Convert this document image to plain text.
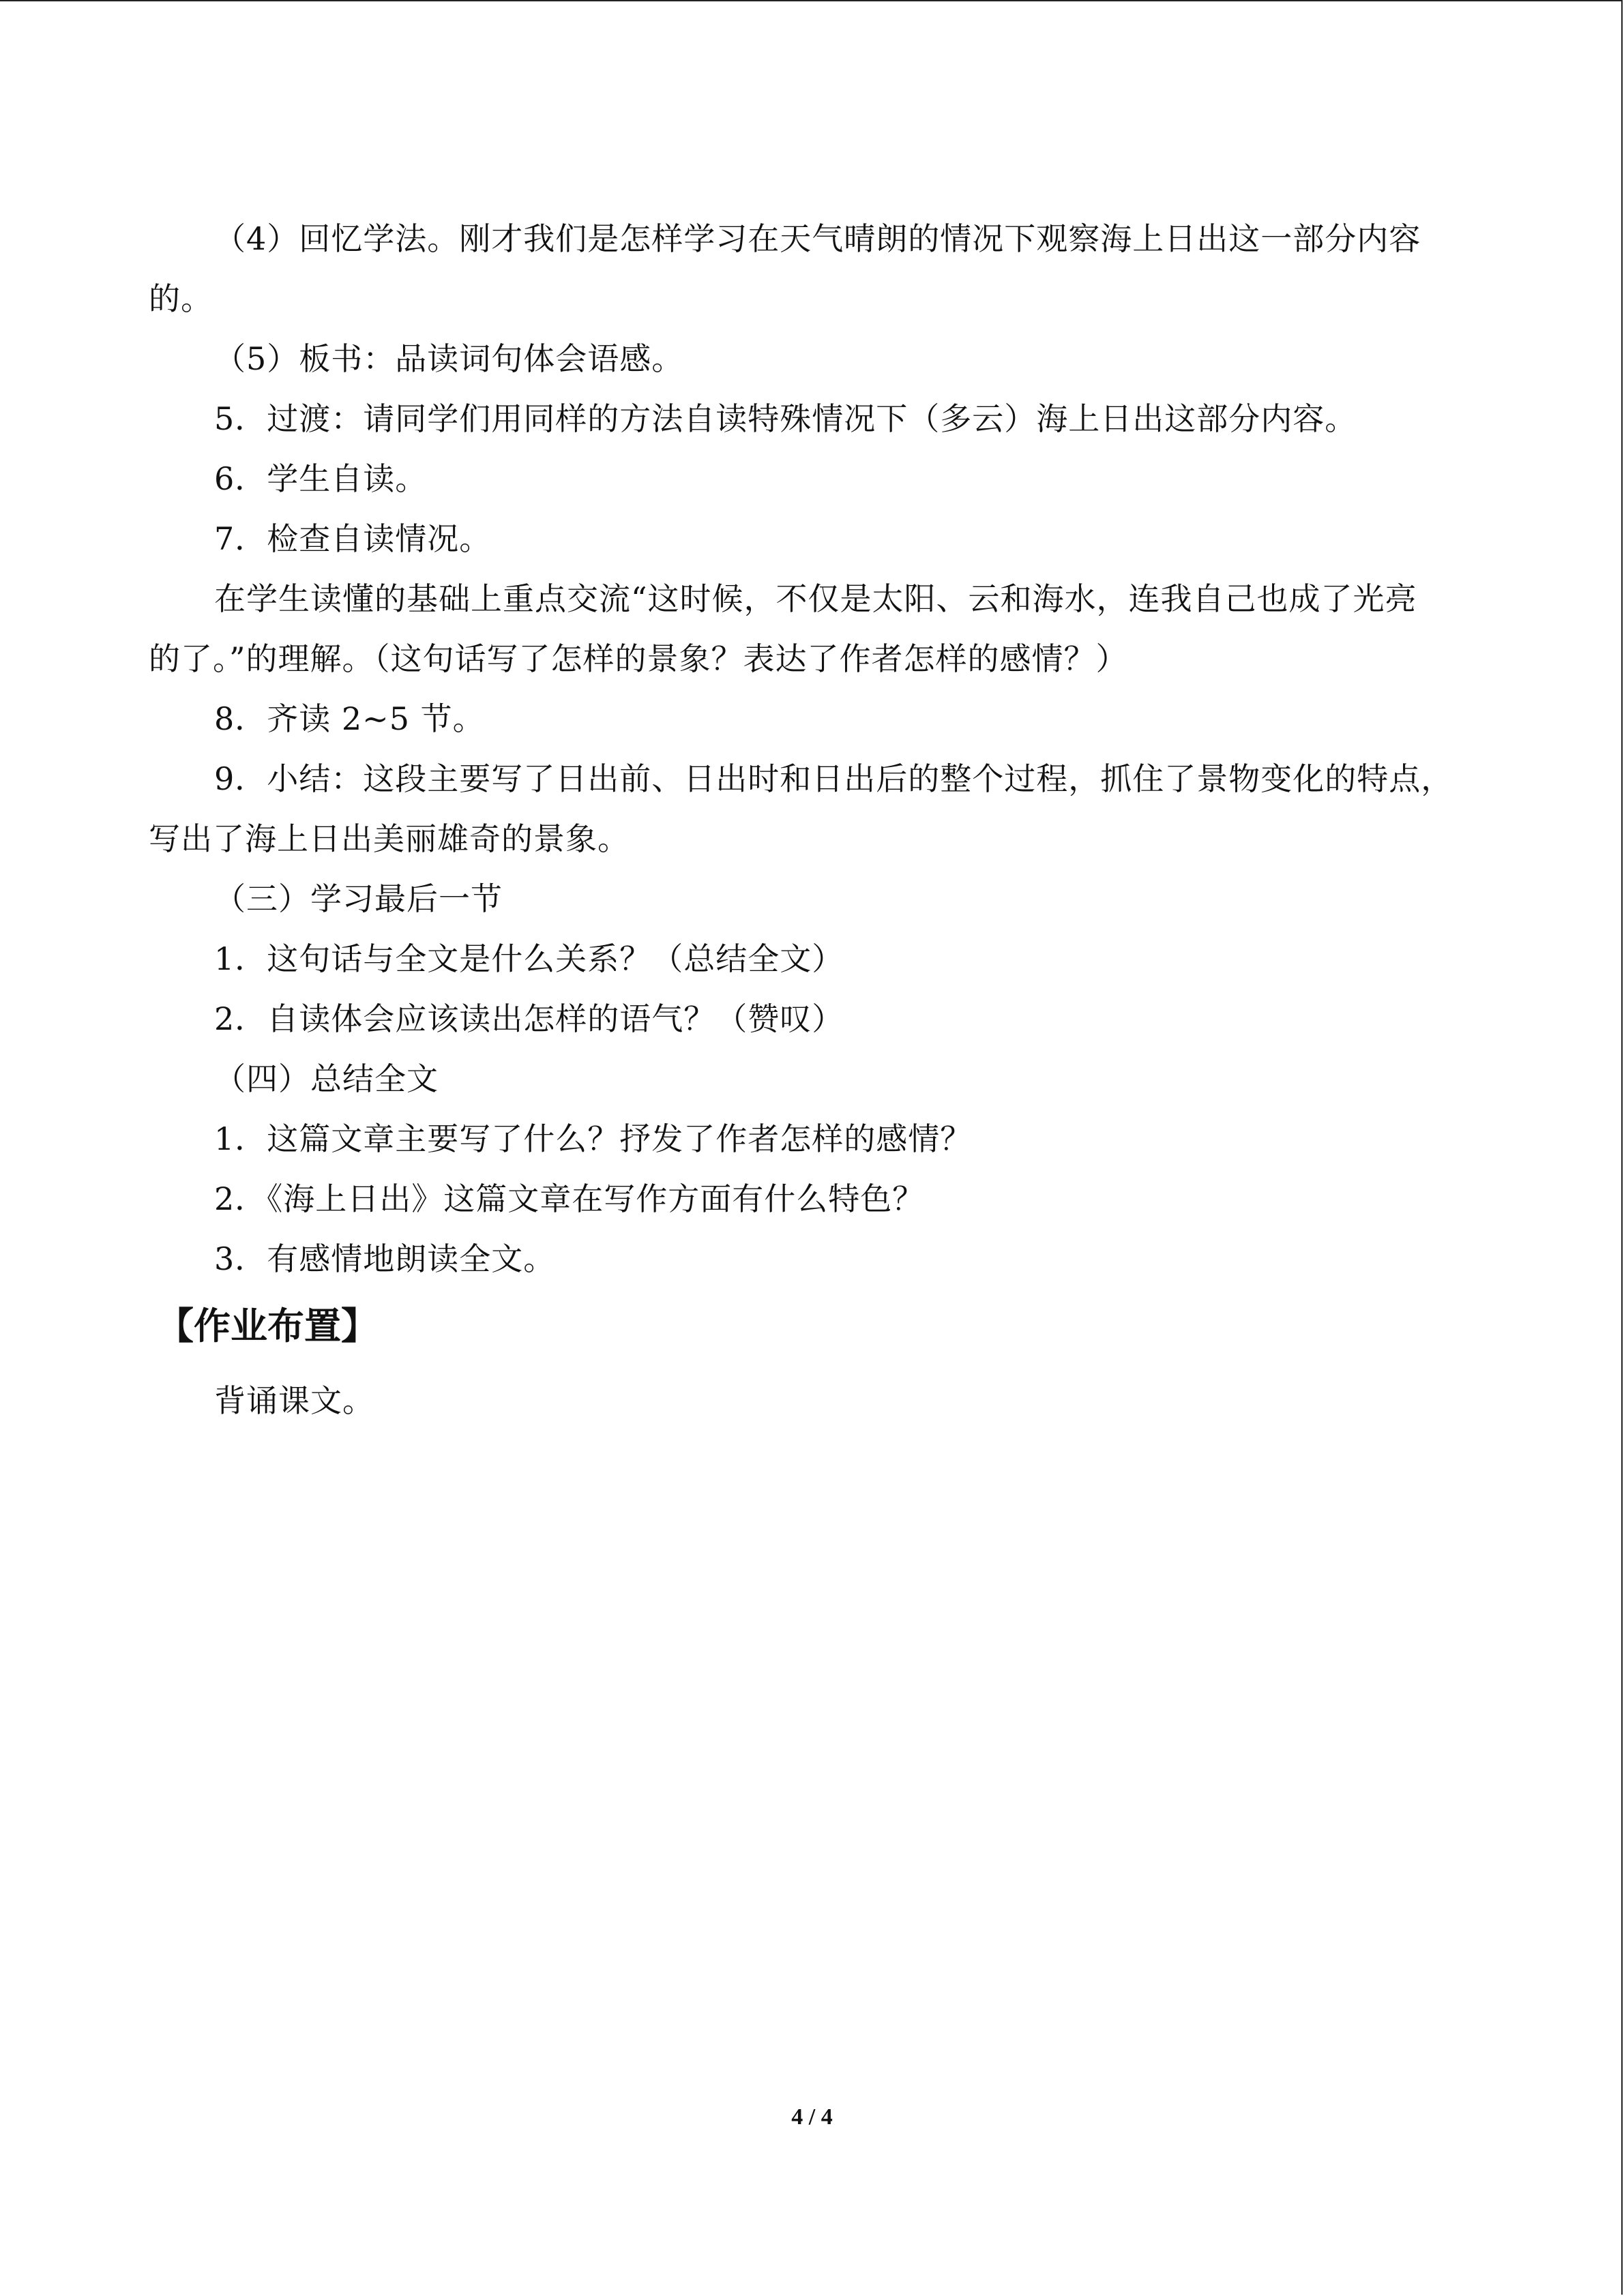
（4）回忆学法。刚才我们是怎样学习在天气晴朗的情况下观察海上日出这一部分内容

的。

（5）板书：品读词句体会语感。

5．过渡：请同学们用同样的方法自读特殊情况下（多云）海上日出这部分内容。

6．学生自读。

7．检查自读情况。

在学生读懂的基础上重点交流“这时候，不仅是太阳、云和海水，连我自己也成了光亮

的了。”的理解。（这句话写了怎样的景象？表达了作者怎样的感情？）

8．齐读 2~5 节。

9．小结：这段主要写了日出前、日出时和日出后的整个过程，抓住了景物变化的特点，

写出了海上日出美丽雄奇的景象。

（三）学习最后一节

1．这句话与全文是什么关系？（总结全文）

2．自读体会应该读出怎样的语气？（赞叹）

（四）总结全文

1．这篇文章主要写了什么？抒发了作者怎样的感情？

2．《海上日出》这篇文章在写作方面有什么特色？

3．有感情地朗读全文。

【作业布置】

背诵课文。

4 / 4
